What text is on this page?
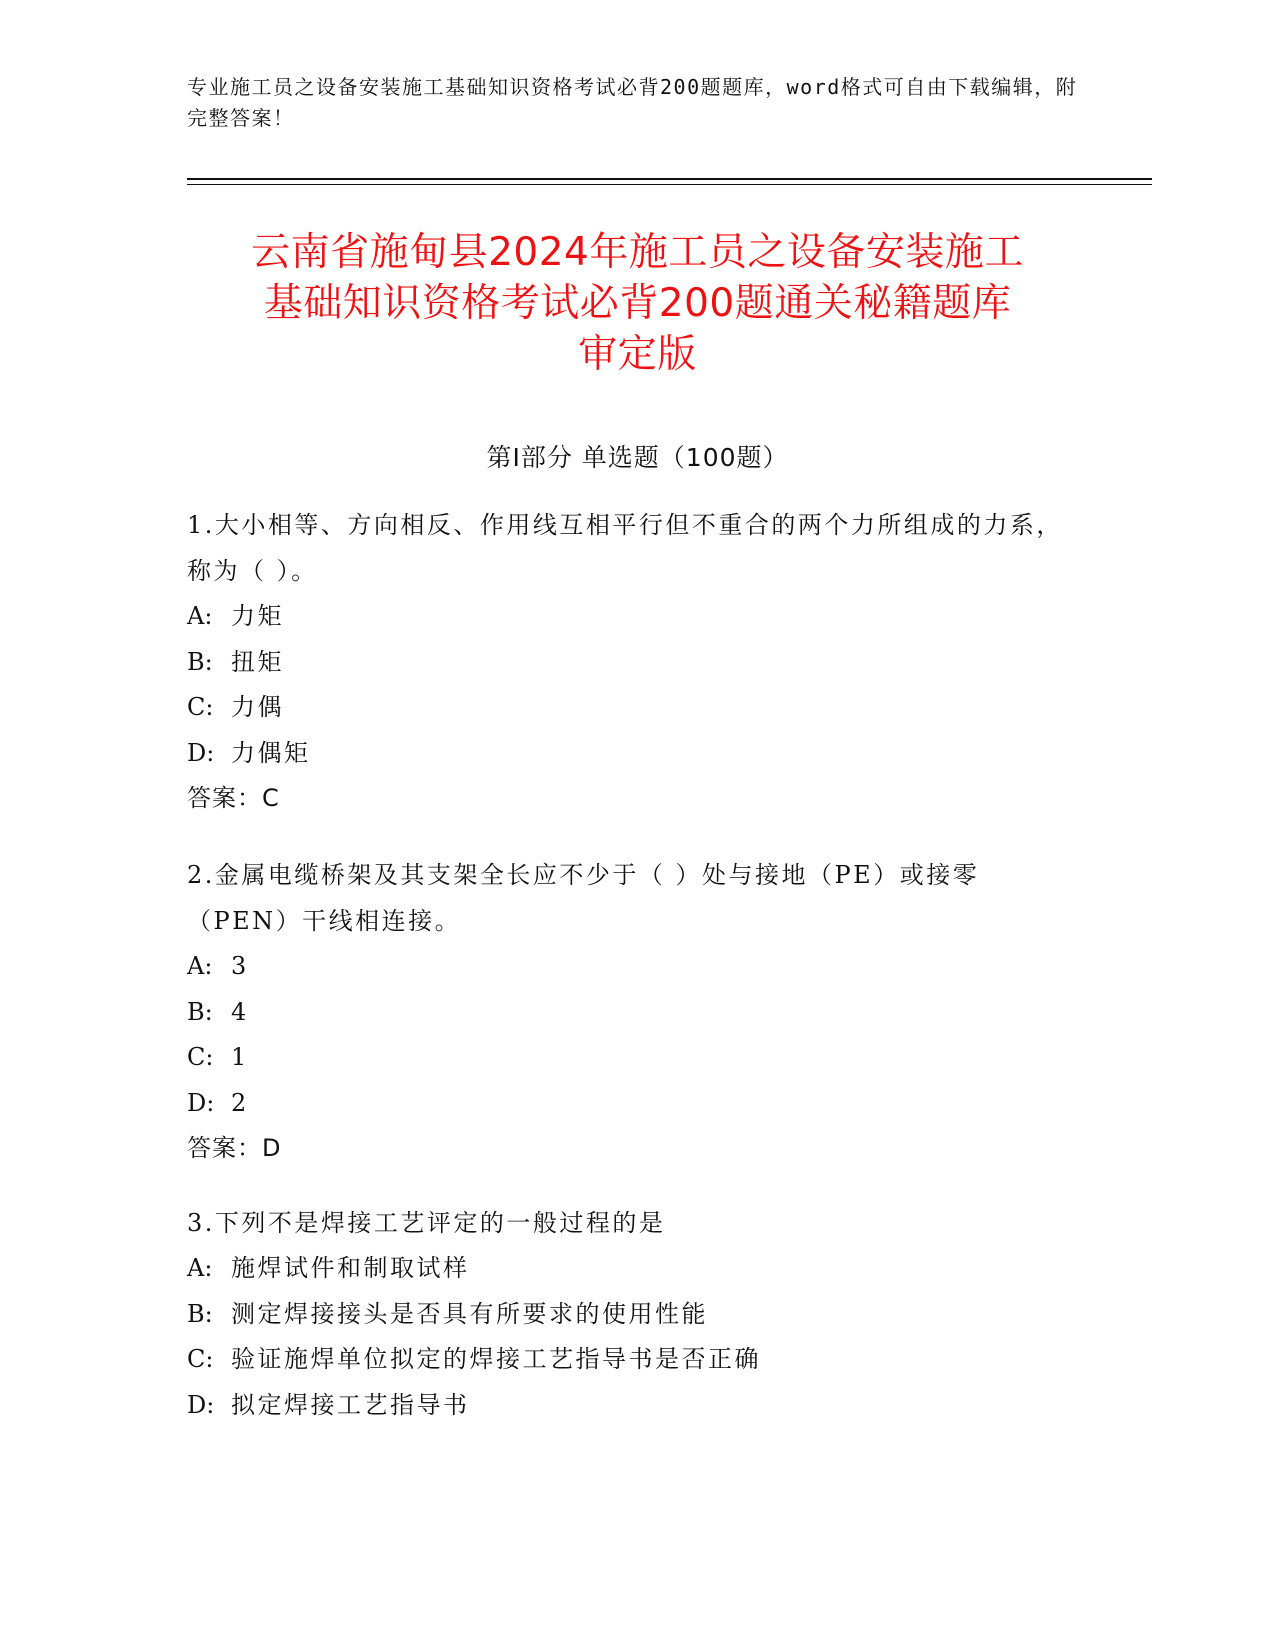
专业施工员之设备安装施工基础知识资格考试必背200题题库，word格式可自由下载编辑，附完整答案！
云南省施甸县2024年施工员之设备安装施工
基础知识资格考试必背200题通关秘籍题库
审定版
第Ⅰ部分 单选题（100题）
1.大小相等、方向相反、作用线互相平行但不重合的两个力所组成的力系，称为（ ）。
A: 力矩
B: 扭矩
C: 力偶
D: 力偶矩
答案：C
2.金属电缆桥架及其支架全长应不少于（ ）处与接地（PE）或接零（PEN）干线相连接。
A: 3
B: 4
C: 1
D: 2
答案：D
3.下列不是焊接工艺评定的一般过程的是
A: 施焊试件和制取试样
B: 测定焊接接头是否具有所要求的使用性能
C: 验证施焊单位拟定的焊接工艺指导书是否正确
D: 拟定焊接工艺指导书
